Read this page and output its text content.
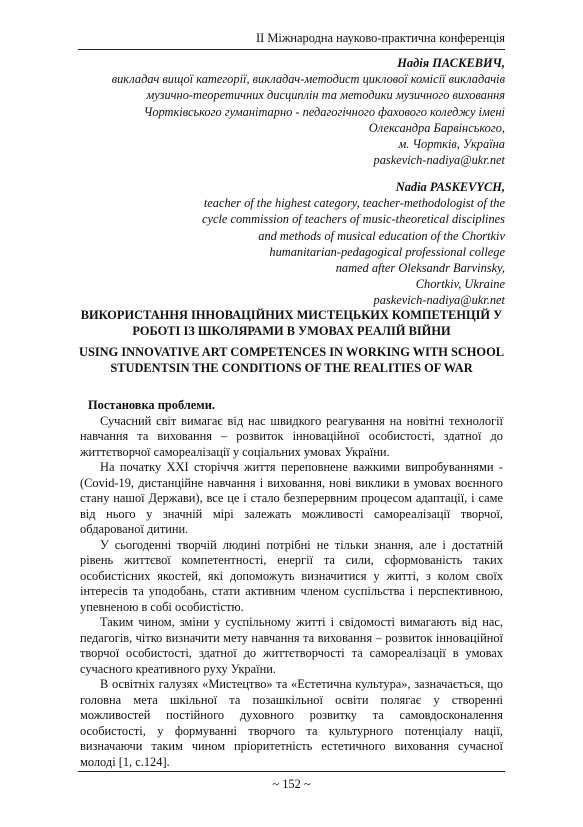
ІІ Міжнародна науково-практична конференція
Надія ПАСКЕВИЧ,
викладач вищої категорії, викладач-методист циклової комісії викладачів
музично-теоретичних дисциплін та методики музичного виховання
Чортківського гуманітарно - педагогічного фахового коледжу імені
Олександра Барвінського,
м. Чортків, Україна
paskevich-nadiya@ukr.net
Nadia PASKEVYCH,
teacher of the highest category, teacher-methodologist of the
cycle commission of teachers of music-theoretical disciplines
and methods of musical education of the Chortkiv
humanitarian-pedagogical professional college
named after Oleksandr Barvinsky,
Chortkiv, Ukraine
paskevich-nadiya@ukr.net
ВИКОРИСТАННЯ ІННОВАЦІЙНИХ МИСТЕЦЬКИХ КОМПЕТЕНЦІЙ У РОБОТІ ІЗ ШКОЛЯРАМИ В УМОВАХ РЕАЛІЙ ВІЙНИ
USING INNOVATIVE ART COMPETENCES IN WORKING WITH SCHOOL STUDENTSIN THE CONDITIONS OF THE REALITIES OF WAR

Постановка проблеми.

Сучасний світ вимагає від нас швидкого реагування на новітні технології навчання та виховання – розвиток інноваційної особистості, здатної до життєтворчої самореалізації у соціальних умовах України.

На початку ХХІ сторіччя життя переповнене важкими випробуваннями - (Covid-19, дистанційне навчання і виховання, нові виклики в умовах воєнного стану нашої Держави), все це і стало безперервним процесом адаптації, і саме від нього у значній мірі залежать можливості самореалізації творчої, обдарованої дитини.

У сьогоденні творчій людині потрібні не тільки знання, але і достатній рівень життєвої компетентності, енергії та сили, сформованість таких особистісних якостей, які допоможуть визначитися у житті, з колом своїх інтересів та уподобань, стати активним членом суспільства і перспективною, упевненою в собі особистістю.

Таким чином, зміни у суспільному житті і свідомості вимагають від нас, педагогів, чітко визначити мету навчання та виховання – розвиток інноваційної творчої особистості, здатної до життєтворчості та самореалізації в умовах сучасного креативного руху України.

В освітніх галузях «Мистецтво» та «Естетична культура», зазначається, що головна мета шкільної та позашкільної освіти полягає у створенні можливостей постійного духовного розвитку та самовдосконалення особистості, у формуванні творчого та культурного потенціалу нації, визначаючи таким чином пріоритетність естетичного виховання сучасної молоді [1, с.124].

~ 152 ~
